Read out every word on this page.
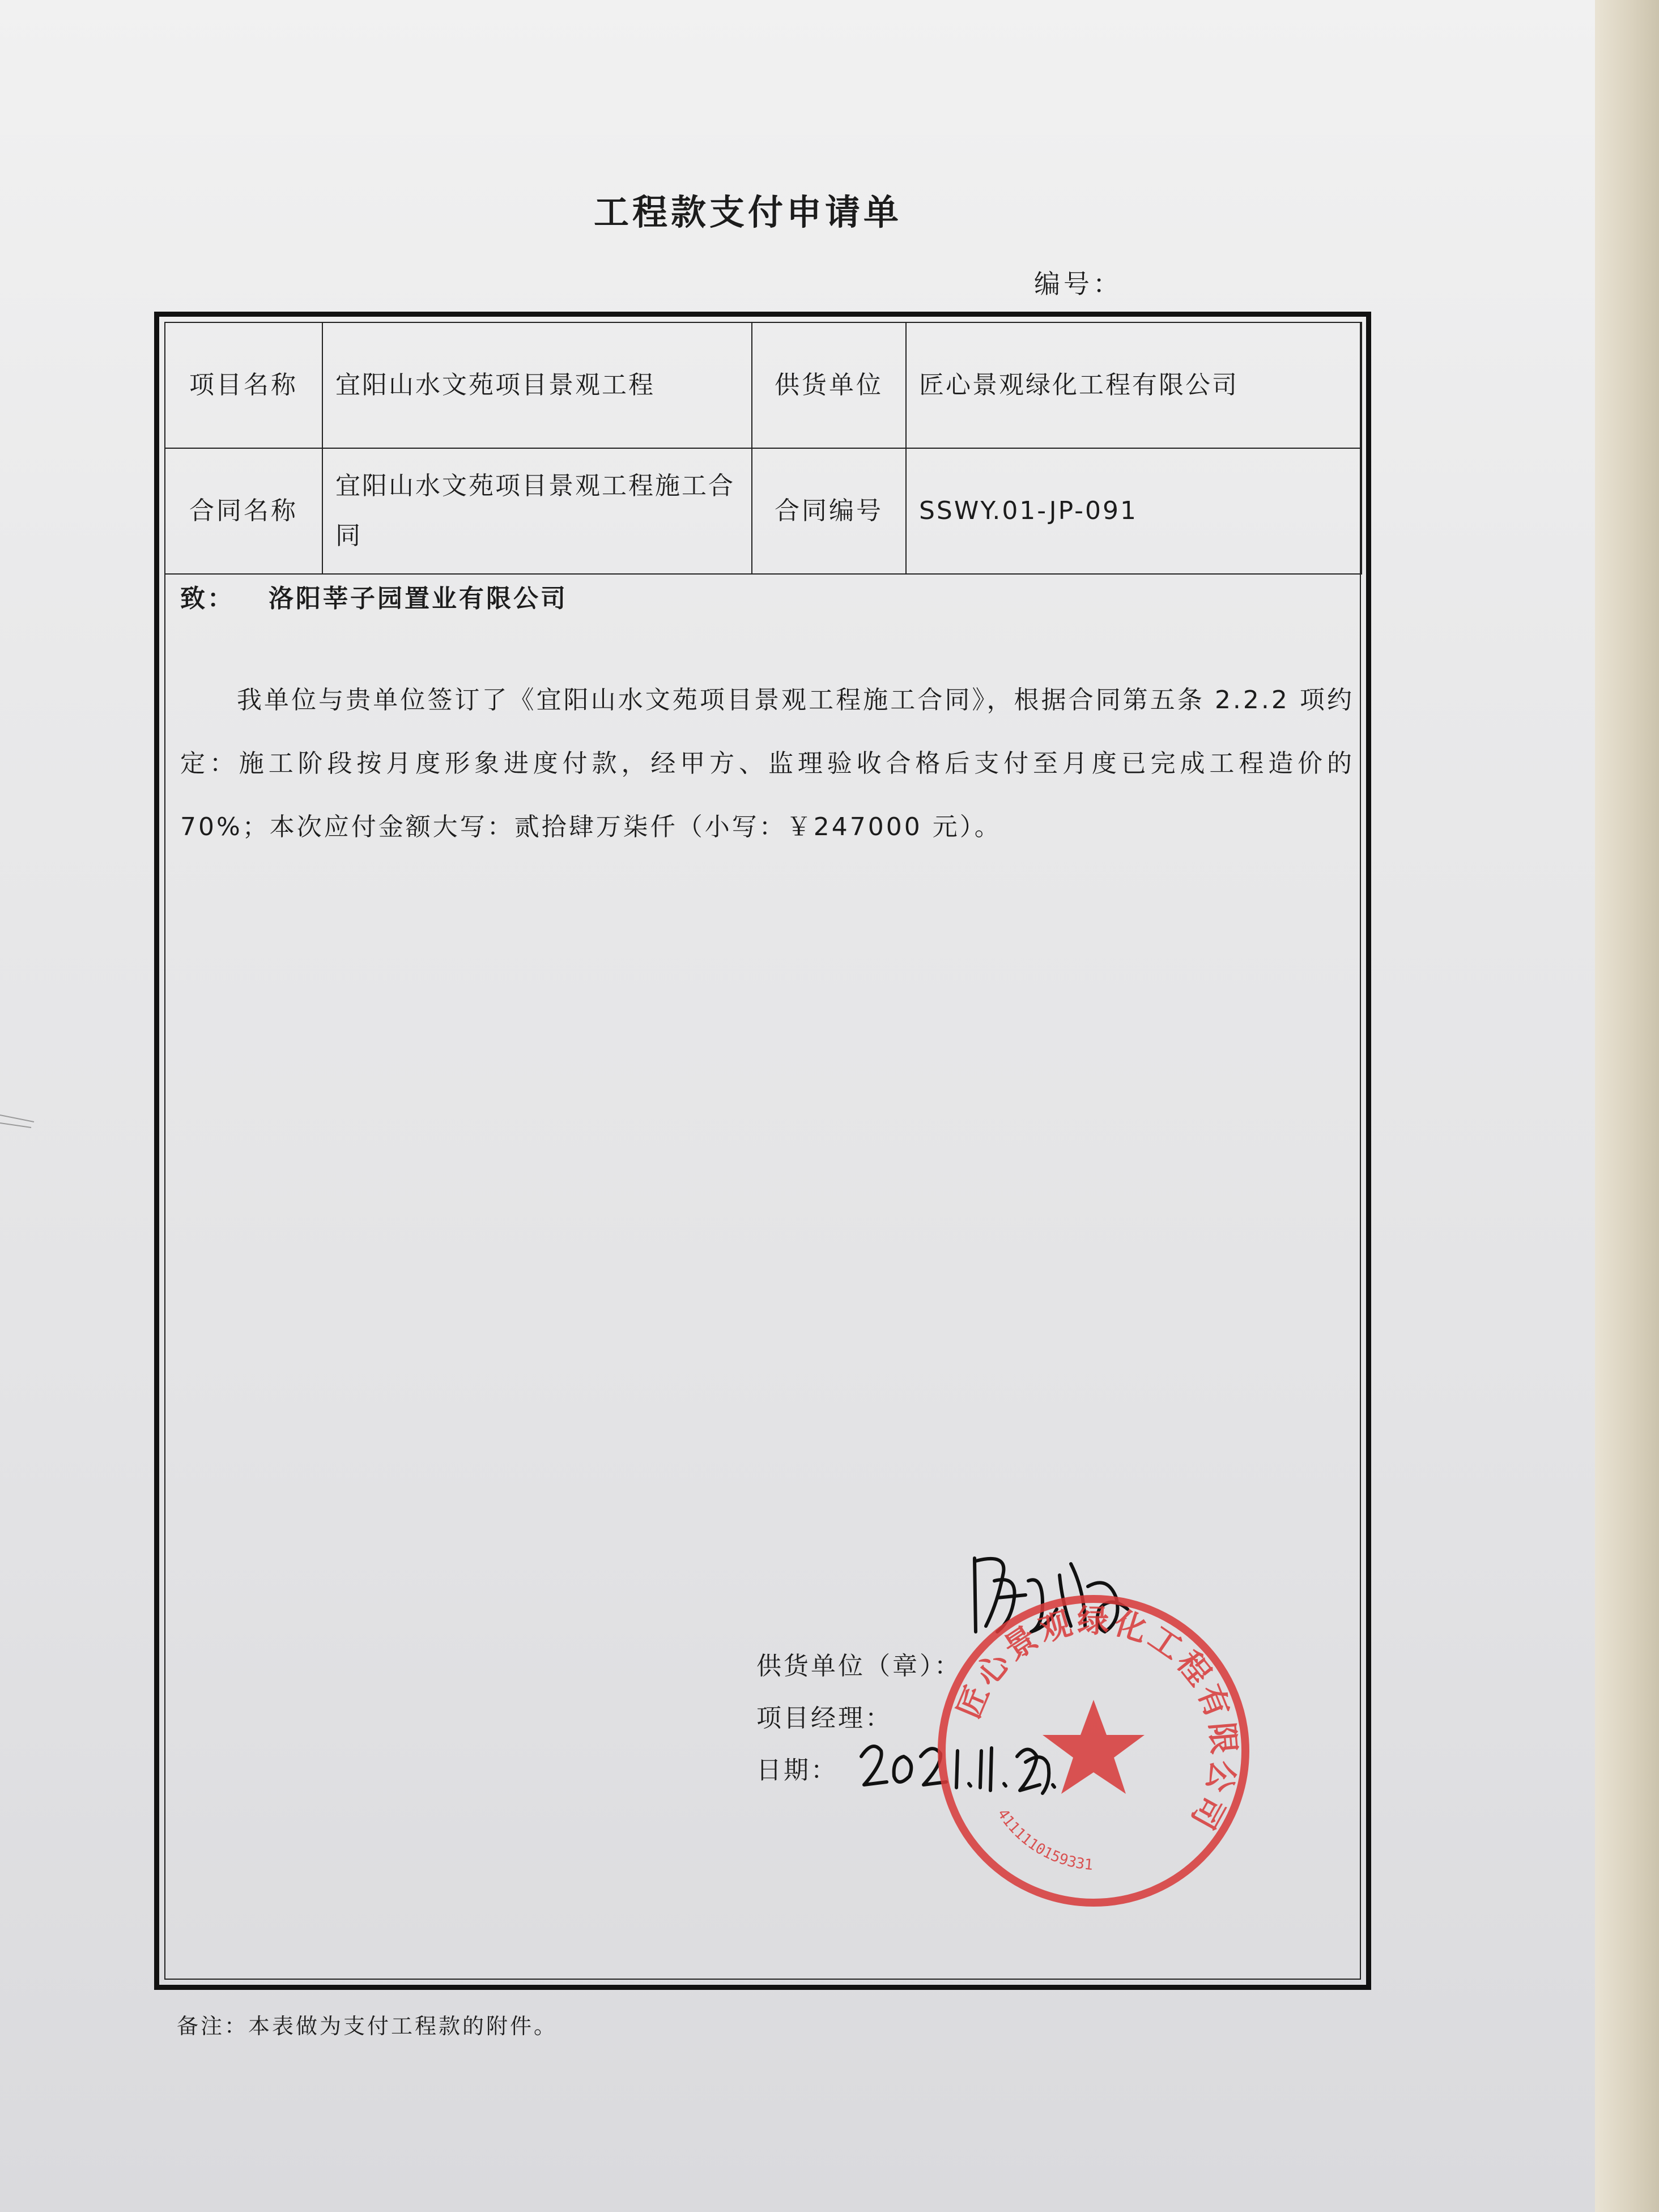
工程款支付申请单
编号：
项目名称	宜阳山水文苑项目景观工程	供货单位	匠心景观绿化工程有限公司
合同名称	宜阳山水文苑项目景观工程施工合同	合同编号	SSWY.01-JP-091
致： 洛阳莘子园置业有限公司
我单位与贵单位签订了《宜阳山水文苑项目景观工程施工合同》，根据合同第五条 2.2.2 项约定：施工阶段按月度形象进度付款，经甲方、监理验收合格后支付至月度已完成工程造价的 70%；本次应付金额大写：贰拾肆万柒仟（小写：￥247000 元）。
供货单位（章）：
项目经理：
日期：
匠心景观绿化工程有限公司
4111110159331
备注：本表做为支付工程款的附件。
